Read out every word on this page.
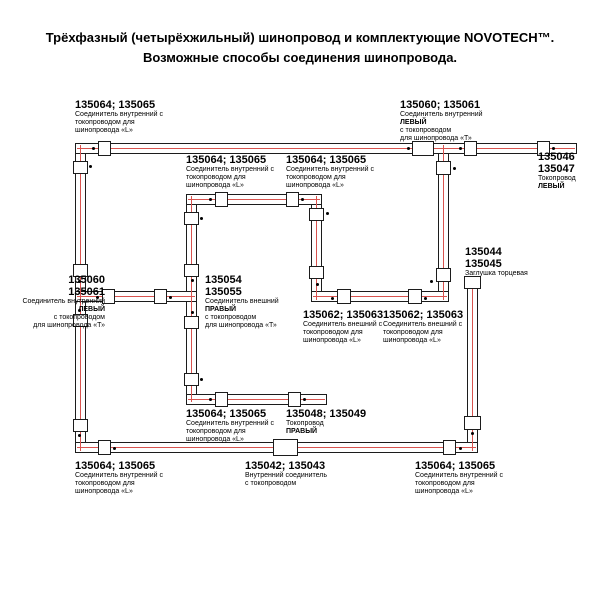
Трёхфазный (четырёхжильный) шинопровод и комплектующие NOVOTECH™.
Возможные способы соединения шинопровода.
135064; 135065
Соединитель внутренний с
токопроводом для
шинопровода «L»
135060; 135061
Соединитель внутренний
ЛЕВЫЙ
с токопроводом
для шинопровода «Т»
135064; 135065
Соединитель внутренний с
токопроводом для
шинопровода «L»
135064; 135065
Соединитель внутренний с
токопроводом для
шинопровода «L»
135046
135047
Токопровод
ЛЕВЫЙ
135060
135061
Соединитель внутренний
ЛЕВЫЙ
с токопроводом
для шинопровода «Т»
135054
135055
Соединитель внешний
ПРАВЫЙ
с токопроводом
для шинопровода «Т»
135062; 135063
Соединитель внешний с
токопроводом для
шинопровода «L»
135062; 135063
Соединитель внешний с
токопроводом для
шинопровода «L»
135044
135045
Заглушка торцевая
135064; 135065
Соединитель внутренний с
токопроводом для
шинопровода «L»
135048; 135049
Токопровод
ПРАВЫЙ
135064; 135065
Соединитель внутренний с
токопроводом для
шинопровода «L»
135042; 135043
Внутренний соединитель
с токопроводом
135064; 135065
Соединитель внутренний с
токопроводом для
шинопровода «L»
